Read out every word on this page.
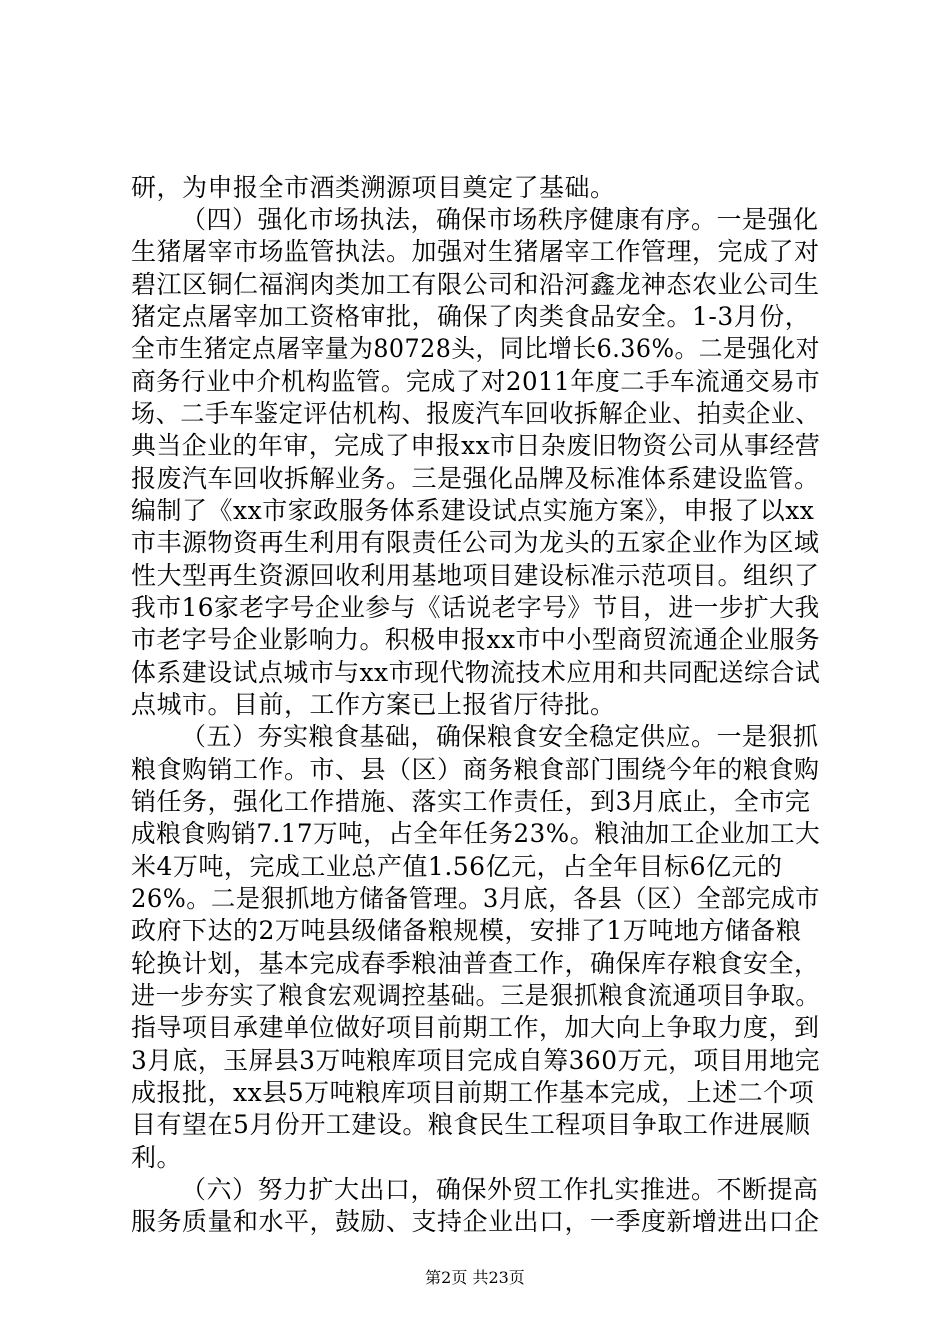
研，为申报全市酒类溯源项目奠定了基础。
（四）强化市场执法，确保市场秩序健康有序。一是强化
生猪屠宰市场监管执法。加强对生猪屠宰工作管理，完成了对
碧江区铜仁福润肉类加工有限公司和沿河鑫龙神态农业公司生
猪定点屠宰加工资格审批，确保了肉类食品安全。1-3月份，
全市生猪定点屠宰量为80728头，同比增长6.36%。二是强化对
商务行业中介机构监管。完成了对2011年度二手车流通交易市
场、二手车鉴定评估机构、报废汽车回收拆解企业、拍卖企业、
典当企业的年审，完成了申报xx市日杂废旧物资公司从事经营
报废汽车回收拆解业务。三是强化品牌及标准体系建设监管。
编制了《xx市家政服务体系建设试点实施方案》，申报了以xx
市丰源物资再生利用有限责任公司为龙头的五家企业作为区域
性大型再生资源回收利用基地项目建设标准示范项目。组织了
我市16家老字号企业参与《话说老字号》节目，进一步扩大我
市老字号企业影响力。积极申报xx市中小型商贸流通企业服务
体系建设试点城市与xx市现代物流技术应用和共同配送综合试
点城市。目前，工作方案已上报省厅待批。
（五）夯实粮食基础，确保粮食安全稳定供应。一是狠抓
粮食购销工作。市、县（区）商务粮食部门围绕今年的粮食购
销任务，强化工作措施、落实工作责任，到3月底止，全市完
成粮食购销7.17万吨，占全年任务23%。粮油加工企业加工大
米4万吨，完成工业总产值1.56亿元，占全年目标6亿元的
26%。二是狠抓地方储备管理。3月底，各县（区）全部完成市
政府下达的2万吨县级储备粮规模，安排了1万吨地方储备粮
轮换计划，基本完成春季粮油普查工作，确保库存粮食安全，
进一步夯实了粮食宏观调控基础。三是狠抓粮食流通项目争取。
指导项目承建单位做好项目前期工作，加大向上争取力度，到
3月底，玉屏县3万吨粮库项目完成自筹360万元，项目用地完
成报批，xx县5万吨粮库项目前期工作基本完成，上述二个项
目有望在5月份开工建设。粮食民生工程项目争取工作进展顺
利。
（六）努力扩大出口，确保外贸工作扎实推进。不断提高
服务质量和水平，鼓励、支持企业出口，一季度新增进出口企
第2页 共23页
